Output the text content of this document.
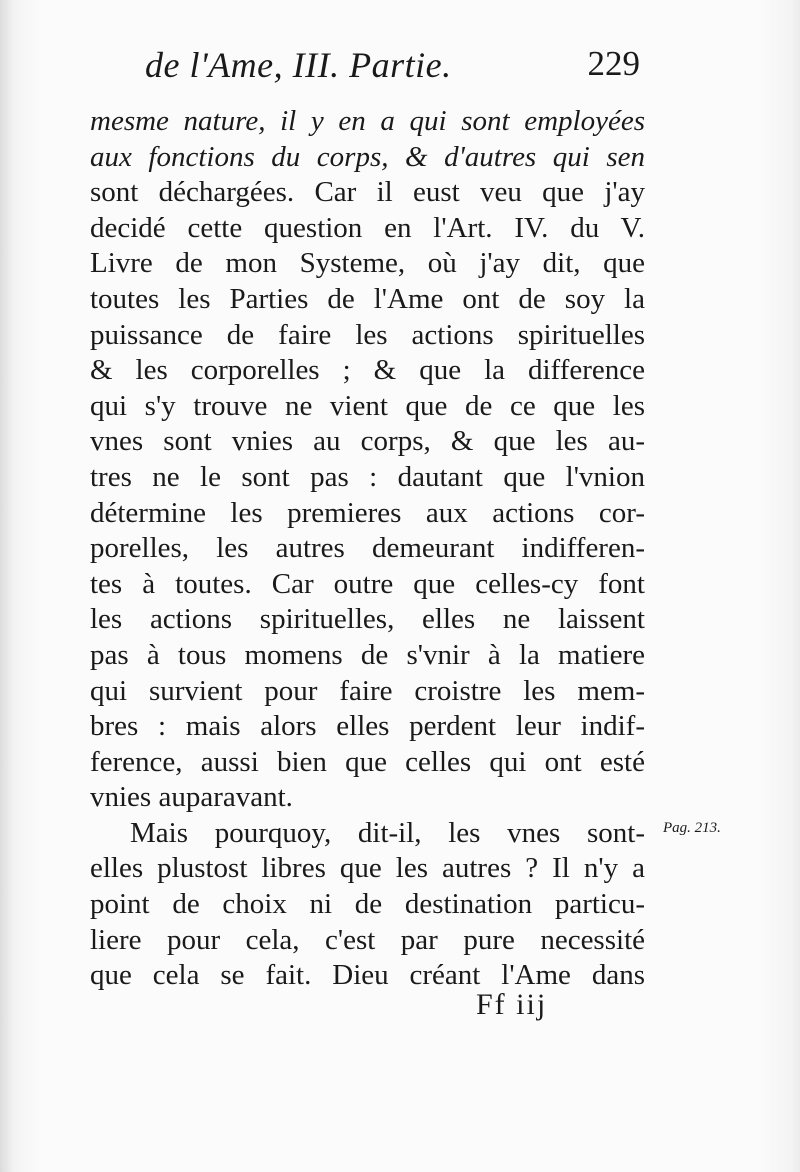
de l'Ame, III. Partie.	229
mesme nature, il y en a qui sont employées
aux fonctions du corps, & d'autres qui sen
sont déchargées. Car il eust veu que j'ay
decidé cette question en l'Art. IV. du V.
Livre de mon Systeme, où j'ay dit, que
toutes les Parties de l'Ame ont de soy la
puissance de faire les actions spirituelles
& les corporelles ; & que la difference
qui s'y trouve ne vient que de ce que les
vnes sont vnies au corps, & que les au-
tres ne le sont pas : dautant que l'vnion
détermine les premieres aux actions cor-
porelles, les autres demeurant indifferen-
tes à toutes. Car outre que celles-cy font
les actions spirituelles, elles ne laissent
pas à tous momens de s'vnir à la matiere
qui survient pour faire croistre les mem-
bres : mais alors elles perdent leur indif-
ference, aussi bien que celles qui ont esté
vnies auparavant.
Mais pourquoy, dit-il, les vnes sont-
elles plustost libres que les autres ? Il n'y a
point de choix ni de destination particu-
liere pour cela, c'est par pure necessité
que cela se fait. Dieu créant l'Ame dans
Pag. 213.
Ff iij
